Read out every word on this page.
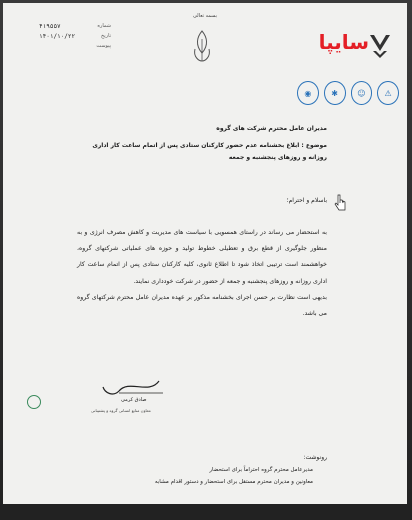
بسمه تعالی
شماره
۴۱۹۵۵۷
تاریخ
۱۴۰۱/۱۰/۲۲
پیوست	سایپا
⚠
☺
✱
◉
مدیران عامل محترم شرکت های گروه
موضوع : ابلاغ بخشنامه عدم حضور کارکنان ستادی پس از اتمام ساعت کار اداری روزانه و روزهای پنجشنبه و جمعه
باسلام و احترام؛

به استحضار می رساند در راستای همسویی با سیاست های مدیریت و کاهش مصرف انرژی و به منظور جلوگیری از قطع برق و تعطیلی خطوط تولید و حوزه های عملیاتی شرکتهای گروه، خواهشمند است ترتیبی اتخاذ شود تا اطلاع ثانوی، کلیه کارکنان ستادی پس از اتمام ساعت کار اداری روزانه و روزهای پنجشنبه و جمعه از حضور در شرکت خودداری نمایند.

بدیهی است نظارت بر حسن اجرای بخشنامه مذکور بر عهده مدیران عامل محترم شرکتهای گروه می باشد.

صادق کرمی
معاون منابع انسانی گروه و پشتیبانی
رونوشت:
مدیرعامل محترم گروه احتراماً برای استحضار
معاونین و مدیران محترم مستقل برای استحضار و دستور اقدام مشابه
